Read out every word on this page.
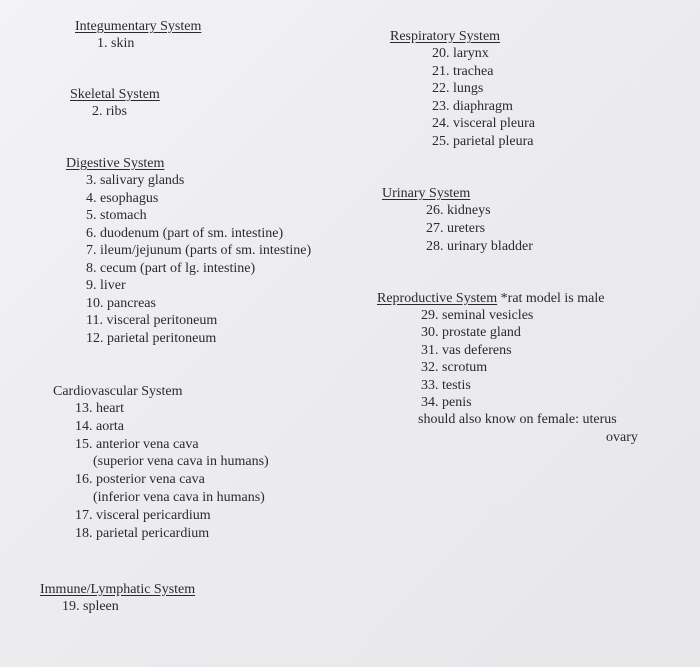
Integumentary System
1. skin
Skeletal System
2. ribs
Digestive System
3. salivary glands
4. esophagus
5. stomach
6. duodenum (part of sm. intestine)
7. ileum/jejunum (parts of sm. intestine)
8. cecum (part of lg. intestine)
9. liver
10. pancreas
11. visceral peritoneum
12. parietal peritoneum
Cardiovascular System
13. heart
14. aorta
15. anterior vena cava
(superior vena cava in humans)
16. posterior vena cava
(inferior vena cava in humans)
17. visceral pericardium
18. parietal pericardium
Immune/Lymphatic System
19. spleen
Respiratory System
20. larynx
21. trachea
22. lungs
23. diaphragm
24. visceral pleura
25. parietal pleura
Urinary System
26. kidneys
27. ureters
28. urinary bladder
Reproductive System *rat model is male
29. seminal vesicles
30. prostate gland
31. vas deferens
32. scrotum
33. testis
34. penis
should also know on female: uterus
ovary
